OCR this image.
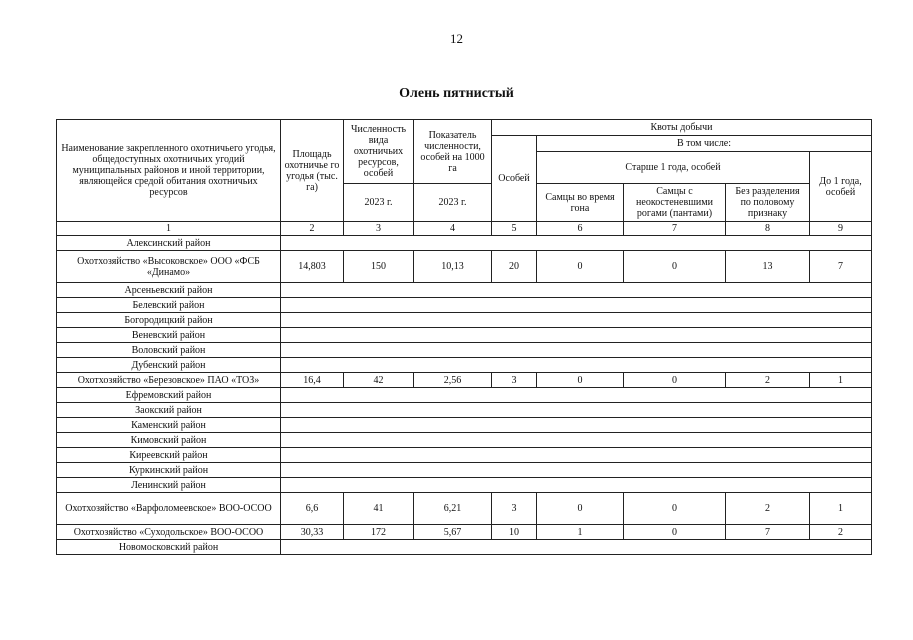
12
Олень пятнистый
Наименование закрепленного охотничьего угодья, общедоступных охотничьих угодий муниципальных районов и иной территории, являющейся средой обитания охотничьих ресурсов	Площадь охотничье го угодья (тыс. га)	Численность вида охотничьих ресурсов, особей	Показатель численности, особей на 1000 га	Квоты добычи				
				Особей	В том числе:			
					Старше 1 года, особей			До 1 года, особей
		2023 г.	2023 г.		Самцы во время гона	Самцы с неокостеневшими рогами (пантами)	Без разделения по половому признаку	
1	2	3	4	5	6	7	8	9
Алексинский район								
Охотхозяйство «Высоковское» ООО «ФСБ «Динамо»	14,803	150	10,13	20	0	0	13	7
Арсеньевский район								
Белевский район								
Богородицкий район								
Веневский район								
Воловский район								
Дубенский район								
Охотхозяйство «Березовское» ПАО «ТОЗ»	16,4	42	2,56	3	0	0	2	1
Ефремовский район								
Заокский район								
Каменский район								
Кимовский район								
Киреевский район								
Куркинский район								
Ленинский район								
Охотхозяйство «Варфоломеевское» ВОО-ОСОО	6,6	41	6,21	3	0	0	2	1
Охотхозяйство «Суходольское» ВОО-ОСОО	30,33	172	5,67	10	1	0	7	2
Новомосковский район								
